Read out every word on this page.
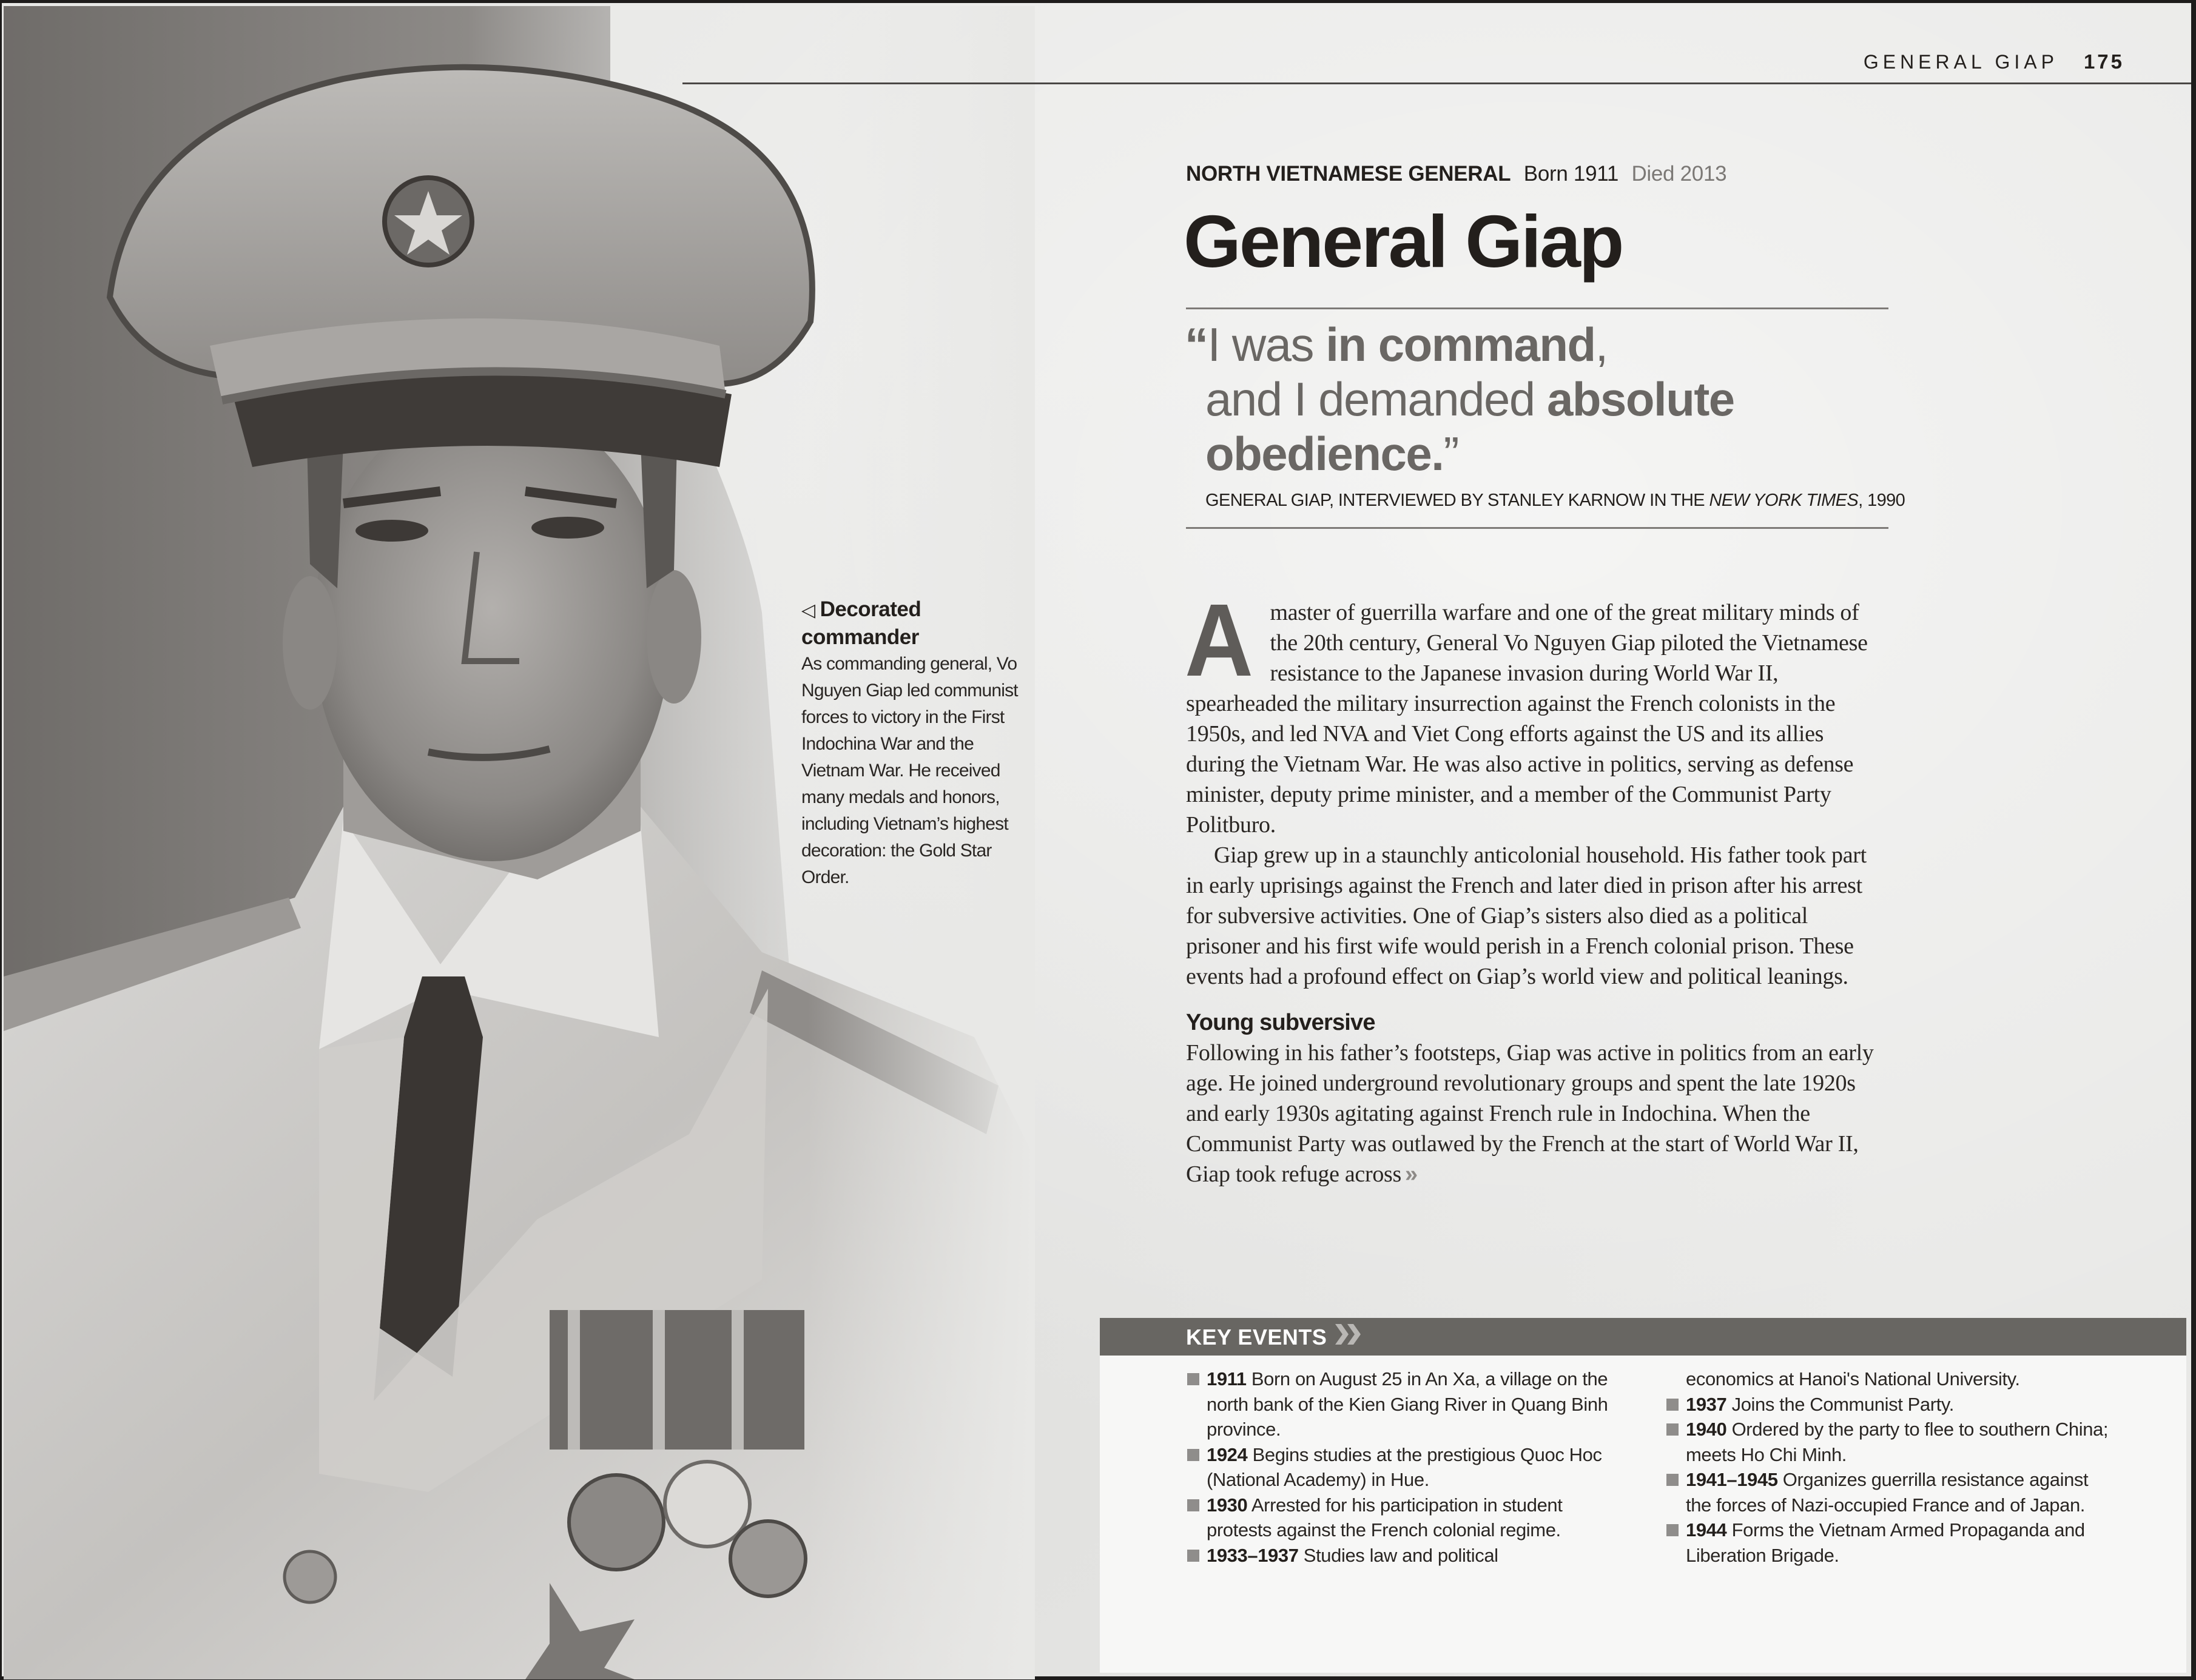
GENERAL GIAP 175
◁ Decorated commander
As commanding general, Vo Nguyen Giap led communist forces to victory in the First Indochina War and the Vietnam War. He received many medals and honors, including Vietnam’s highest decoration: the Gold Star Order.
NORTH VIETNAMESE GENERAL Born 1911 Died 2013
General Giap
“I was in command,
and I demanded absolute
obedience.”
GENERAL GIAP, INTERVIEWED BY STANLEY KARNOW IN THE NEW YORK TIMES, 1990

Amaster of guerrilla warfare and one of the great military minds of the 20th century, General Vo Nguyen Giap piloted the Vietnamese resistance to the Japanese invasion during World War II, spearheaded the military insurrection against the French colonists in the 1950s, and led NVA and Viet Cong efforts against the US and its allies during the Vietnam War. He was also active in politics, serving as defense minister, deputy prime minister, and a member of the Communist Party Politburo.

Giap grew up in a staunchly anticolonial household. His father took part in early uprisings against the French and later died in prison after his arrest for subversive activities. One of Giap’s sisters also died as a political prisoner and his first wife would perish in a French colonial prison. These events had a profound effect on Giap’s world view and political leanings.

Young subversive

Following in his father’s footsteps, Giap was active in politics from an early age. He joined underground revolutionary groups and spent the late 1920s and early 1930s agitating against French rule in Indochina. When the Communist Party was outlawed by the French at the start of World War II, Giap took refuge across »

KEY EVENTS
1911 Born on August 25 in An Xa, a village on the north bank of the Kien Giang River in Quang Binh province.
1924 Begins studies at the prestigious Quoc Hoc (National Academy) in Hue.
1930 Arrested for his participation in student protests against the French colonial regime.
1933–1937 Studies law and political
economics at Hanoi's National University.
1937 Joins the Communist Party.
1940 Ordered by the party to flee to southern China; meets Ho Chi Minh.
1941–1945 Organizes guerrilla resistance against the forces of Nazi-occupied France and of Japan.
1944 Forms the Vietnam Armed Propaganda and Liberation Brigade.
